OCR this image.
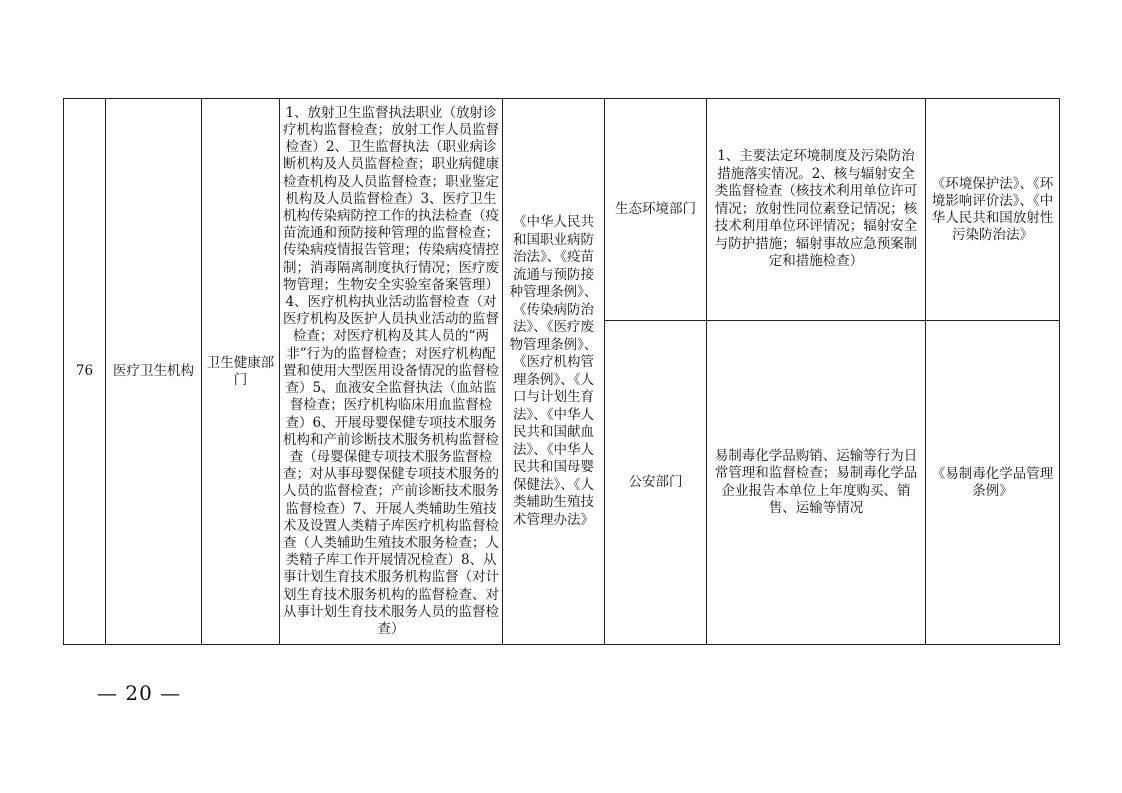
76	医疗卫生机构	卫生健康部门	1、放射卫生监督执法职业（放射诊疗机构监督检查；放射工作人员监督检查）2、卫生监督执法（职业病诊断机构及人员监督检查；职业病健康检查机构及人员监督检查；职业鉴定机构及人员监督检查）3、医疗卫生机构传染病防控工作的执法检查（疫苗流通和预防接种管理的监督检查；传染病疫情报告管理；传染病疫情控制；消毒隔离制度执行情况；医疗废物管理；生物安全实验室备案管理）4、医疗机构执业活动监督检查（对医疗机构及医护人员执业活动的监督检查；对医疗机构及其人员的“两非”行为的监督检查；对医疗机构配置和使用大型医用设备情况的监督检查）5、血液安全监督执法（血站监督检查；医疗机构临床用血监督检查）6、开展母婴保健专项技术服务机构和产前诊断技术服务机构监督检查（母婴保健专项技术服务监督检查；对从事母婴保健专项技术服务的人员的监督检查；产前诊断技术服务监督检查）7、开展人类辅助生殖技术及设置人类精子库医疗机构监督检查（人类辅助生殖技术服务检查；人类精子库工作开展情况检查）8、从事计划生育技术服务机构监督（对计划生育技术服务机构的监督检查、对从事计划生育技术服务人员的监督检查）	《中华人民共和国职业病防治法》、《疫苗流通与预防接种管理条例》、《传染病防治法》、《医疗废物管理条例》、《医疗机构管理条例》、《人口与计划生育法》、《中华人民共和国献血法》、《中华人民共和国母婴保健法》、《人类辅助生殖技术管理办法》	生态环境部门	1、主要法定环境制度及污染防治措施落实情况。2、核与辐射安全类监督检查（核技术利用单位许可情况；放射性同位素登记情况；核技术利用单位环评情况；辐射安全与防护措施；辐射事故应急预案制定和措施检查）	《环境保护法》、《环境影响评价法》、《中华人民共和国放射性污染防治法》
					公安部门	易制毒化学品购销、运输等行为日常管理和监督检查；易制毒化学品企业报告本单位上年度购买、销售、运输等情况	《易制毒化学品管理条例》
— 20 —
